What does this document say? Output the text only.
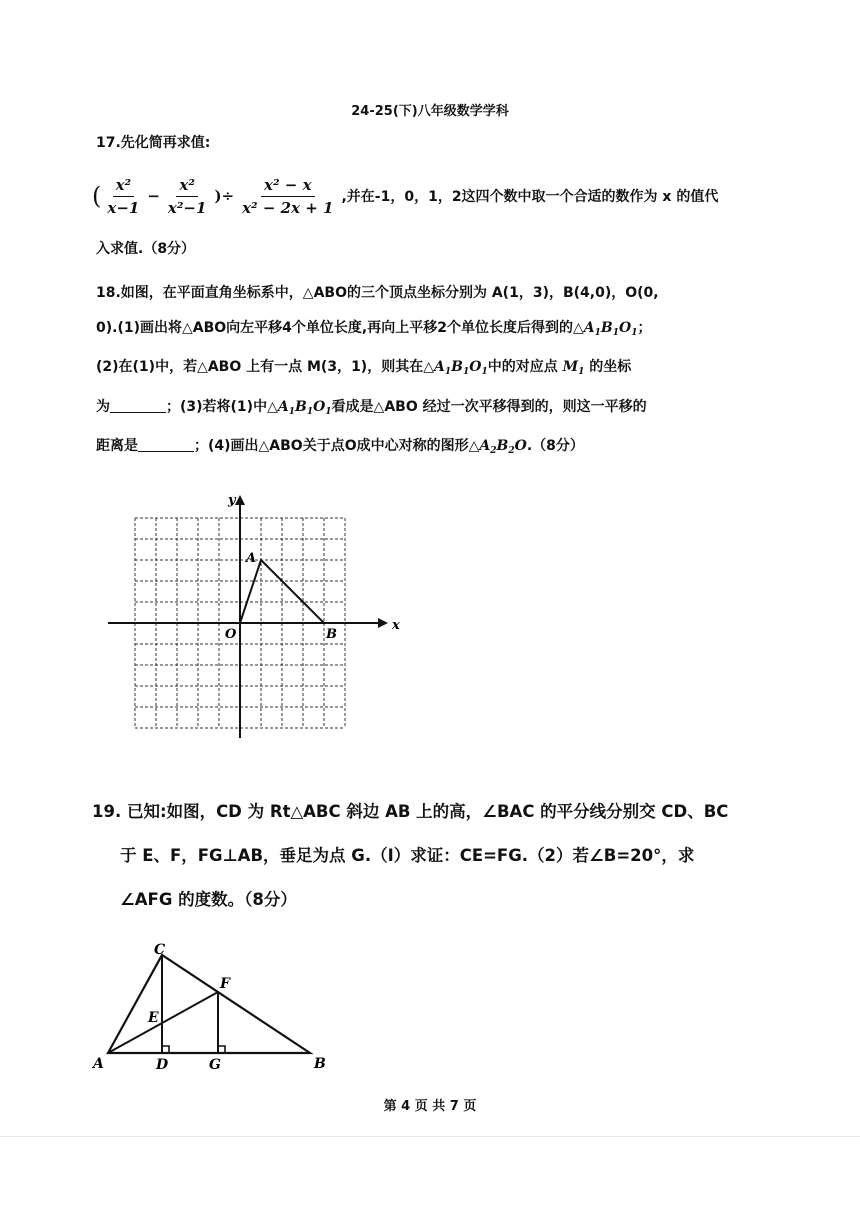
24-25(下)八年级数学学科
17.先化简再求值:
( $\frac{\text{x²}}{x-1} - \frac{\text{x²}}{\text{x²−1}}$ )÷ $\frac{\text{x² − x}}{\text{x² − 2x + 1}}$ ,并在-1，0，1，2这四个数中取一个合适的数作为 x 的值代
入求值.（8分）
18.如图，在平面直角坐标系中，△ABO的三个顶点坐标分别为 A(1，3)，B(4,0)，O(0,
0).(1)画出将△ABO向左平移4个单位长度,再向上平移2个单位长度后得到的$\triangle A_1B_1O_1$；
(2)在(1)中，若△ABO 上有一点 M(3，1)，则其在$\triangle A_1B_1O_1$中的对应点 $M_1$ 的坐标
为	；(3)若将(1)中$\triangle A_1B_1O_1$看成是△ABO 经过一次平移得到的，则这一平移的
距离是	；(4)画出△ABO关于点O成中心对称的图形$\triangle A_2B_2O.(8$分）
x
y
O
A
B
19. 已知:如图，CD 为 Rt△ABC 斜边 AB 上的高，∠BAC 的平分线分别交 CD、BC
于 E、F，FG⊥AB，垂足为点 G.（I）求证：CE=FG.（2）若∠B=20°，求
∠AFG 的度数。（8分）
A	B
C
D
E
F
G
第 4 页 共 7 页
